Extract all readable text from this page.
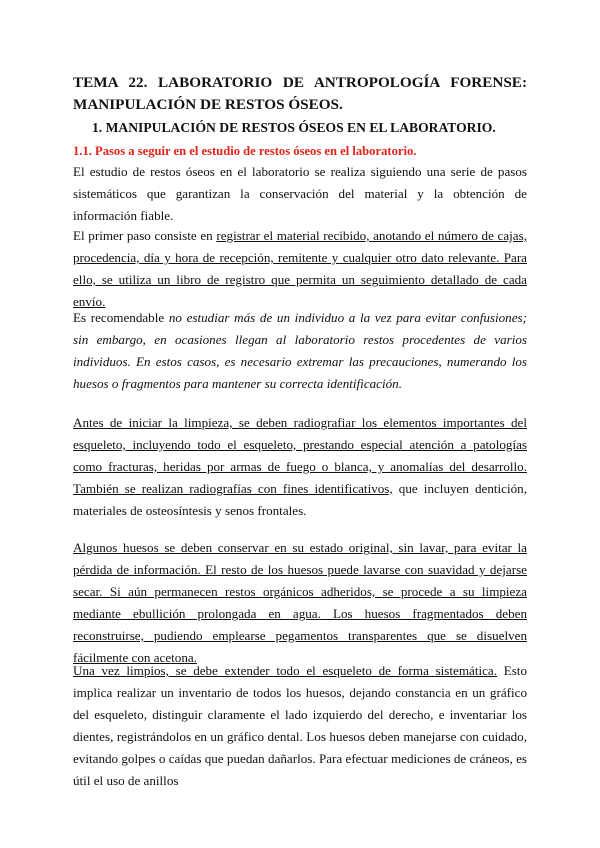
TEMA 22. LABORATORIO DE ANTROPOLOGÍA FORENSE: MANIPULACIÓN DE RESTOS ÓSEOS.
1. MANIPULACIÓN DE RESTOS ÓSEOS EN EL LABORATORIO.
1.1. Pasos a seguir en el estudio de restos óseos en el laboratorio.

El estudio de restos óseos en el laboratorio se realiza siguiendo una serie de pasos sistemáticos que garantizan la conservación del material y la obtención de información fiable.

El primer paso consiste en registrar el material recibido, anotando el número de cajas, procedencia, día y hora de recepción, remitente y cualquier otro dato relevante. Para ello, se utiliza un libro de registro que permita un seguimiento detallado de cada envío.

Es recomendable no estudiar más de un individuo a la vez para evitar confusiones; sin embargo, en ocasiones llegan al laboratorio restos procedentes de varios individuos. En estos casos, es necesario extremar las precauciones, numerando los huesos o fragmentos para mantener su correcta identificación.

Antes de iniciar la limpieza, se deben radiografiar los elementos importantes del esqueleto, incluyendo todo el esqueleto, prestando especial atención a patologías como fracturas, heridas por armas de fuego o blanca, y anomalías del desarrollo. También se realizan radiografías con fines identificativos, que incluyen dentición, materiales de osteosíntesis y senos frontales.

Algunos huesos se deben conservar en su estado original, sin lavar, para evitar la pérdida de información. El resto de los huesos puede lavarse con suavidad y dejarse secar. Si aún permanecen restos orgánicos adheridos, se procede a su limpieza mediante ebullición prolongada en agua. Los huesos fragmentados deben reconstruirse, pudiendo emplearse pegamentos transparentes que se disuelven fácilmente con acetona.

Una vez limpios, se debe extender todo el esqueleto de forma sistemática. Esto implica realizar un inventario de todos los huesos, dejando constancia en un gráfico del esqueleto, distinguir claramente el lado izquierdo del derecho, e inventariar los dientes, registrándolos en un gráfico dental. Los huesos deben manejarse con cuidado, evitando golpes o caídas que puedan dañarlos. Para efectuar mediciones de cráneos, es útil el uso de anillos
